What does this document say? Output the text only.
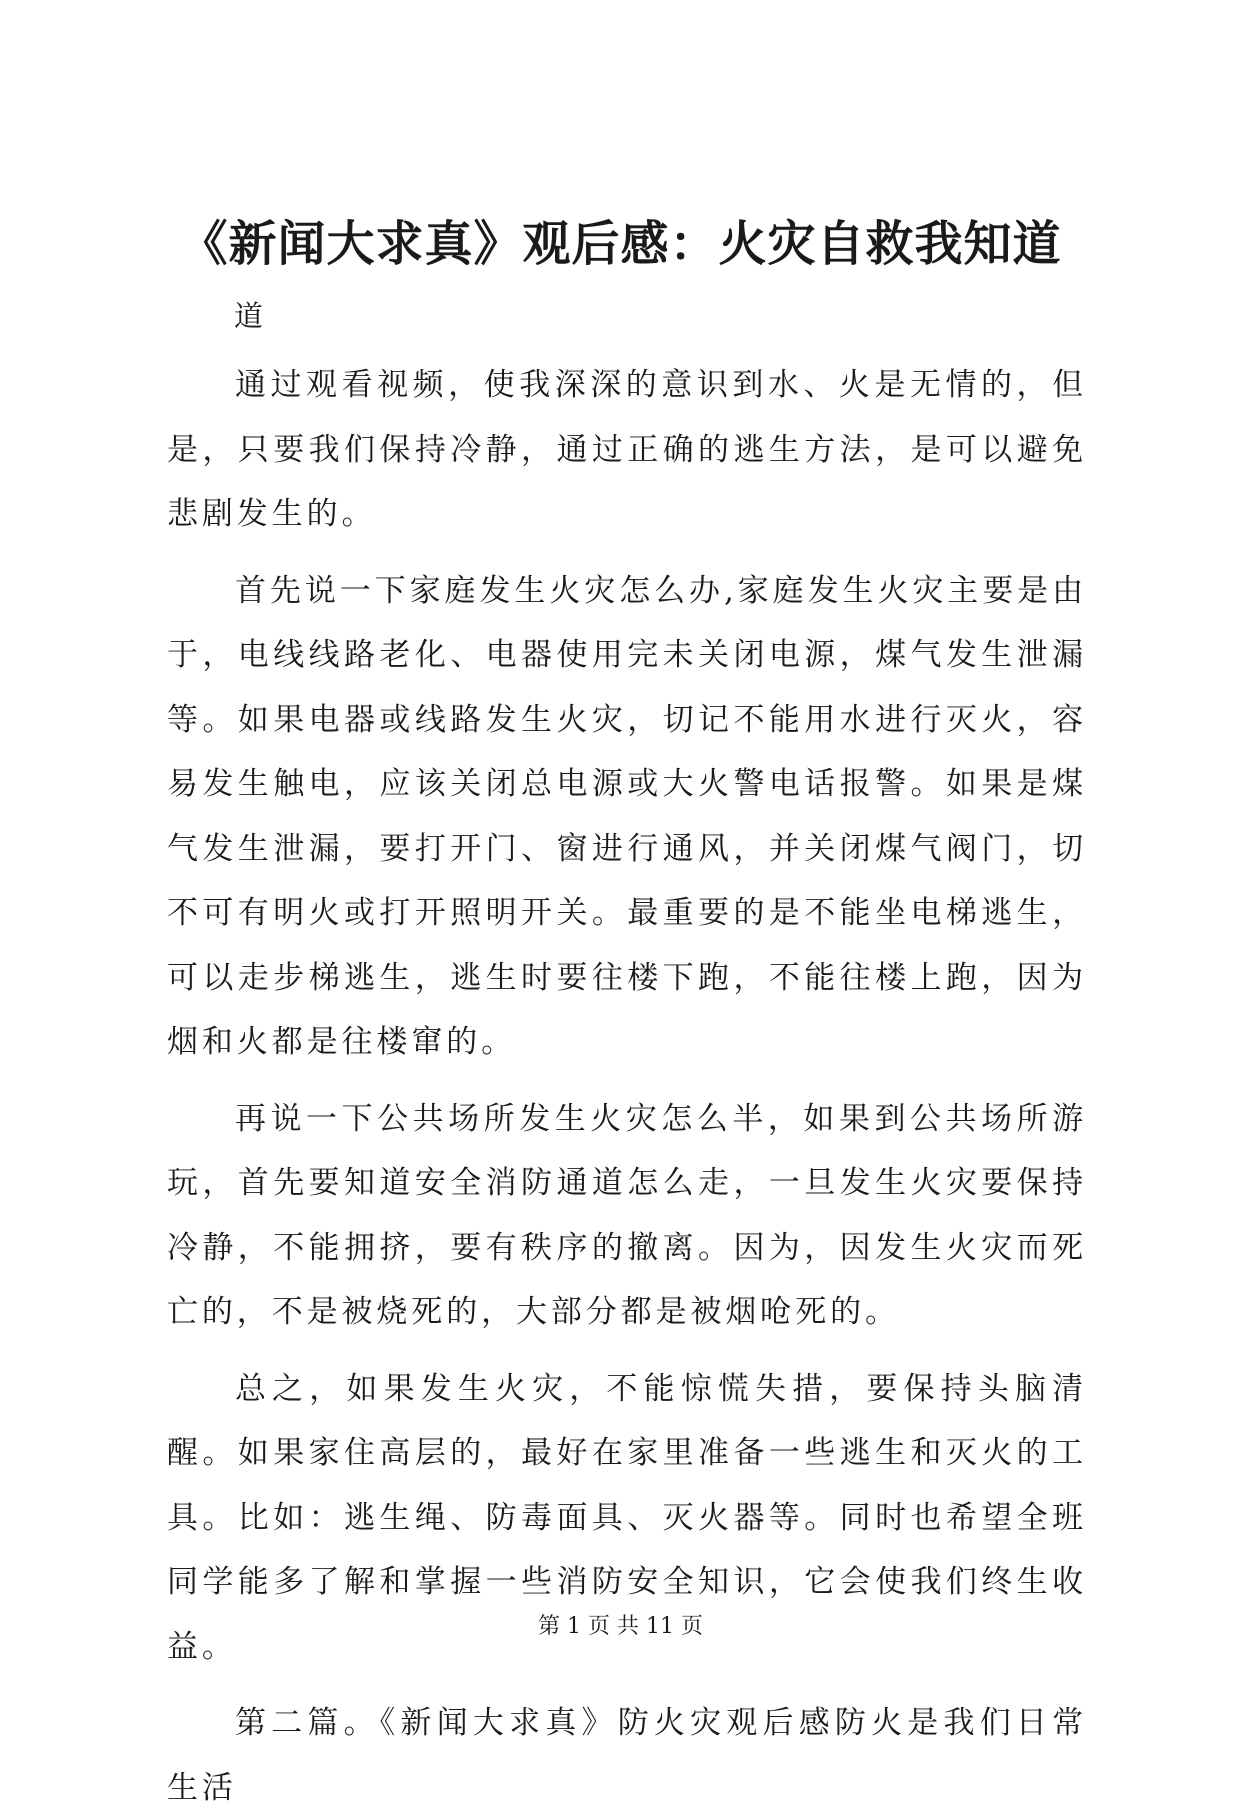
《新闻大求真》观后感：火灾自救我知道

道

通过观看视频，使我深深的意识到水、火是无情的，但是，只要我们保持冷静，通过正确的逃生方法，是可以避免悲剧发生的。

首先说一下家庭发生火灾怎么办,家庭发生火灾主要是由于，电线线路老化、电器使用完未关闭电源，煤气发生泄漏等。如果电器或线路发生火灾，切记不能用水进行灭火，容易发生触电，应该关闭总电源或大火警电话报警。如果是煤气发生泄漏，要打开门、窗进行通风，并关闭煤气阀门，切不可有明火或打开照明开关。最重要的是不能坐电梯逃生，可以走步梯逃生，逃生时要往楼下跑，不能往楼上跑，因为烟和火都是往楼窜的。

再说一下公共场所发生火灾怎么半，如果到公共场所游玩，首先要知道安全消防通道怎么走，一旦发生火灾要保持冷静，不能拥挤，要有秩序的撤离。因为，因发生火灾而死亡的，不是被烧死的，大部分都是被烟呛死的。

总之，如果发生火灾，不能惊慌失措，要保持头脑清醒。如果家住高层的，最好在家里准备一些逃生和灭火的工具。比如：逃生绳、防毒面具、灭火器等。同时也希望全班同学能多了解和掌握一些消防安全知识，它会使我们终生收益。

第二篇。《新闻大求真》防火灾观后感防火是我们日常生活

第 1 页 共 11 页
